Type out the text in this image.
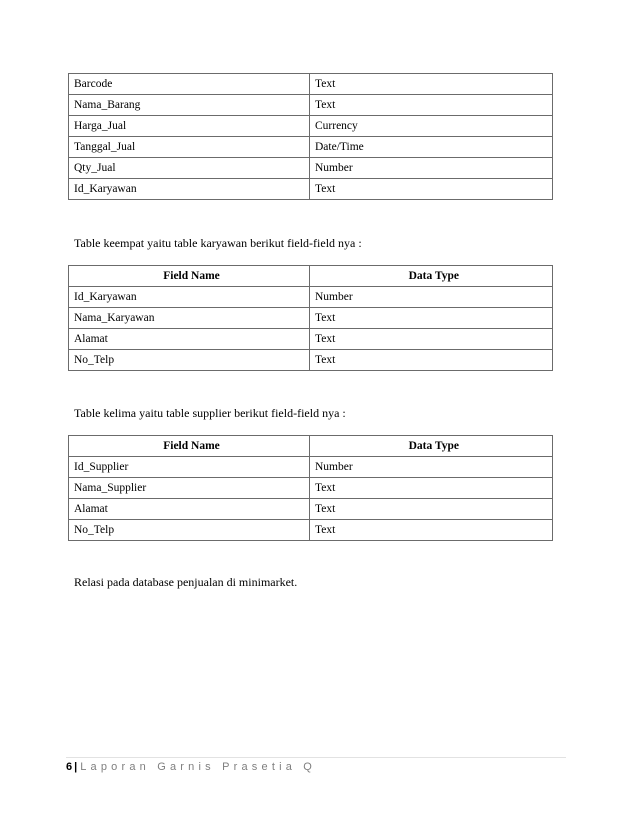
Barcode	Text
Nama_Barang	Text
Harga_Jual	Currency
Tanggal_Jual	Date/Time
Qty_Jual	Number
Id_Karyawan	Text
Table keempat yaitu table karyawan berikut field-field nya :
Field Name	Data Type
Id_Karyawan	Number
Nama_Karyawan	Text
Alamat	Text
No_Telp	Text
Table kelima yaitu table supplier berikut field-field nya :
Field Name	Data Type
Id_Supplier	Number
Nama_Supplier	Text
Alamat	Text
No_Telp	Text
Relasi pada database penjualan di minimarket.
6 | Laporan Garnis Prasetia Q
